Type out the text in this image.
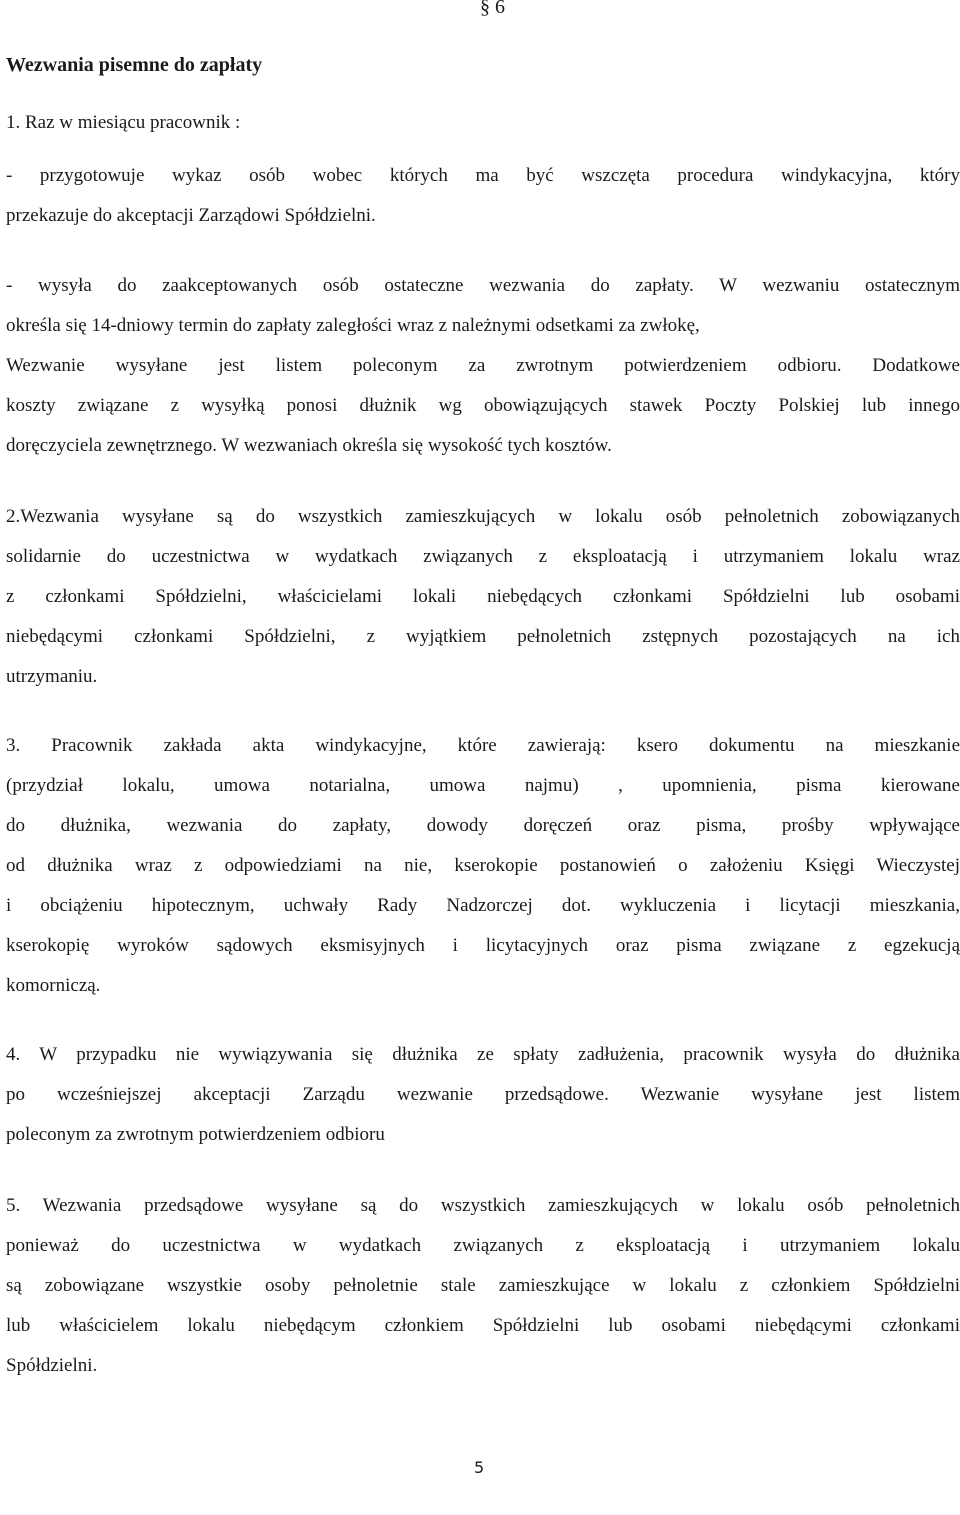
§ 6
Wezwania pisemne do zapłaty
1. Raz w miesiącu pracownik :
- przygotowuje wykaz osób wobec których ma być wszczęta procedura windykacyjna, który
przekazuje do akceptacji Zarządowi Spółdzielni.
- wysyła do zaakceptowanych osób ostateczne wezwania do zapłaty. W wezwaniu ostatecznym
określa się 14-dniowy termin do zapłaty zaległości wraz z należnymi odsetkami za zwłokę,
Wezwanie wysyłane jest listem poleconym za zwrotnym potwierdzeniem odbioru. Dodatkowe
koszty związane z wysyłką ponosi dłużnik wg obowiązujących stawek Poczty Polskiej lub innego
doręczyciela zewnętrznego. W wezwaniach określa się wysokość tych kosztów.
2.Wezwania wysyłane są do wszystkich zamieszkujących w lokalu osób pełnoletnich zobowiązanych
solidarnie do uczestnictwa w wydatkach związanych z eksploatacją i utrzymaniem lokalu wraz
z członkami Spółdzielni, właścicielami lokali niebędących członkami Spółdzielni lub osobami
niebędącymi członkami Spółdzielni, z wyjątkiem pełnoletnich zstępnych pozostających na ich
utrzymaniu.
3. Pracownik zakłada akta windykacyjne, które zawierają: ksero dokumentu na mieszkanie
(przydział lokalu, umowa notarialna, umowa najmu) , upomnienia, pisma kierowane
do dłużnika, wezwania do zapłaty, dowody doręczeń oraz pisma, prośby wpływające
od dłużnika wraz z odpowiedziami na nie, kserokopie postanowień o założeniu Księgi Wieczystej
i obciążeniu hipotecznym, uchwały Rady Nadzorczej dot. wykluczenia i licytacji mieszkania,
kserokopię wyroków sądowych eksmisyjnych i licytacyjnych oraz pisma związane z egzekucją
komorniczą.
4. W przypadku nie wywiązywania się dłużnika ze spłaty zadłużenia, pracownik wysyła do dłużnika
po wcześniejszej akceptacji Zarządu wezwanie przedsądowe. Wezwanie wysyłane jest listem
poleconym za zwrotnym potwierdzeniem odbioru
5. Wezwania przedsądowe wysyłane są do wszystkich zamieszkujących w lokalu osób pełnoletnich
ponieważ do uczestnictwa w wydatkach związanych z eksploatacją i utrzymaniem lokalu
są zobowiązane wszystkie osoby pełnoletnie stale zamieszkujące w lokalu z członkiem Spółdzielni
lub właścicielem lokalu niebędącym członkiem Spółdzielni lub osobami niebędącymi członkami
Spółdzielni.
5
